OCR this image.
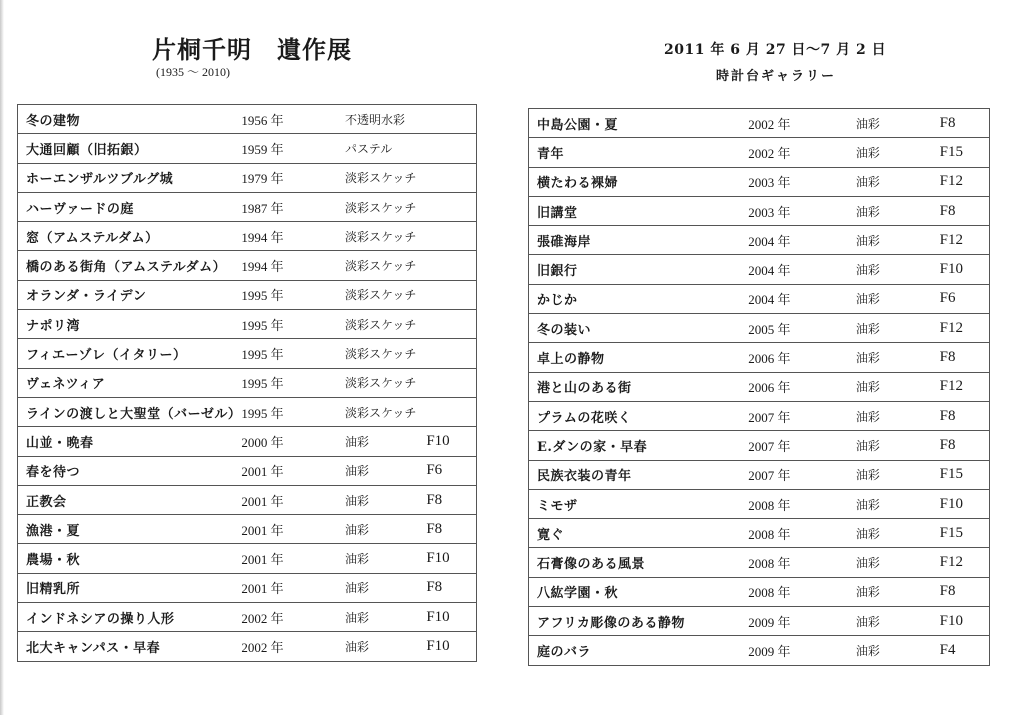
片桐千明　遺作展
(1935 ～ 2010)
2011 年 6 月 27 日～7 月 2 日
時計台ギャラリー
冬の建物	1956 年	不透明水彩	
大通回顧（旧拓銀）	1959 年	パステル	
ホーエンザルツブルグ城	1979 年	淡彩スケッチ	
ハーヴァードの庭	1987 年	淡彩スケッチ	
窓（アムステルダム）	1994 年	淡彩スケッチ	
橋のある街角（アムステルダム）	1994 年	淡彩スケッチ	
オランダ・ライデン	1995 年	淡彩スケッチ	
ナポリ湾	1995 年	淡彩スケッチ	
フィエーゾレ（イタリー）	1995 年	淡彩スケッチ	
ヴェネツィア	1995 年	淡彩スケッチ	
ラインの渡しと大聖堂（バーゼル）	1995 年	淡彩スケッチ	
山並・晩春	2000 年	油彩	F10
春を待つ	2001 年	油彩	F6
正教会	2001 年	油彩	F8
漁港・夏	2001 年	油彩	F8
農場・秋	2001 年	油彩	F10
旧精乳所	2001 年	油彩	F8
インドネシアの操り人形	2002 年	油彩	F10
北大キャンパス・早春	2002 年	油彩	F10
中島公園・夏	2002 年	油彩	F8
青年	2002 年	油彩	F15
横たわる裸婦	2003 年	油彩	F12
旧講堂	2003 年	油彩	F8
張碓海岸	2004 年	油彩	F12
旧銀行	2004 年	油彩	F10
かじか	2004 年	油彩	F6
冬の装い	2005 年	油彩	F12
卓上の静物	2006 年	油彩	F8
港と山のある街	2006 年	油彩	F12
プラムの花咲く	2007 年	油彩	F8
E.ダンの家・早春	2007 年	油彩	F8
民族衣装の青年	2007 年	油彩	F15
ミモザ	2008 年	油彩	F10
寛ぐ	2008 年	油彩	F15
石膏像のある風景	2008 年	油彩	F12
八紘学園・秋	2008 年	油彩	F8
アフリカ彫像のある静物	2009 年	油彩	F10
庭のバラ	2009 年	油彩	F4
